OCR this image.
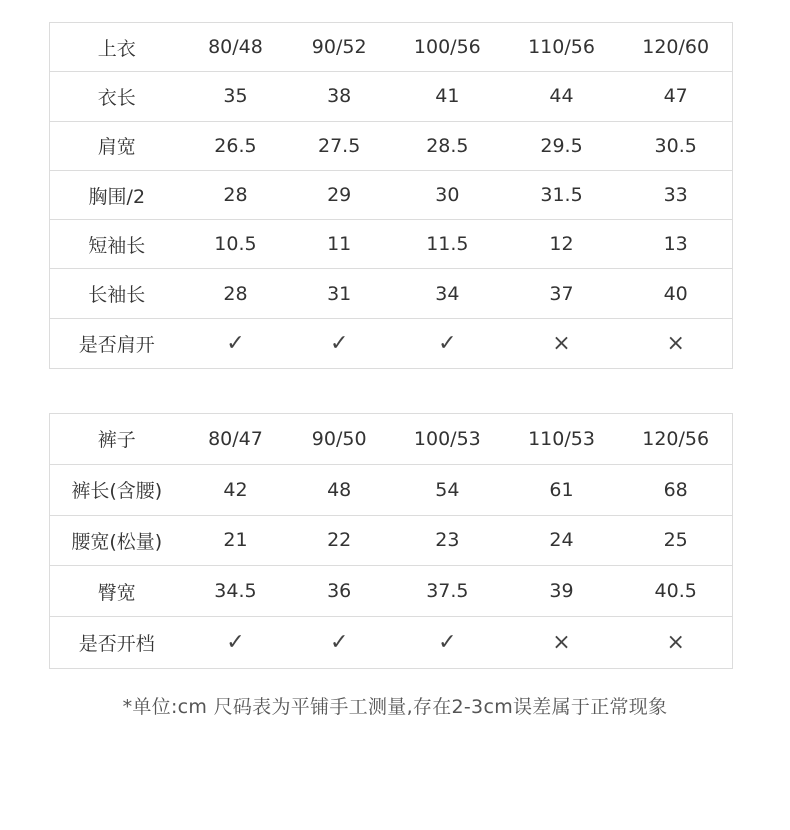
上衣	80/48	90/52	100/56	110/56	120/60
衣长	35	38	41	44	47
肩宽	26.5	27.5	28.5	29.5	30.5
胸围/2	28	29	30	31.5	33
短袖长	10.5	11	11.5	12	13
长袖长	28	31	34	37	40
是否肩开	✓	✓	✓	×	×
裤子	80/47	90/50	100/53	110/53	120/56
裤长(含腰)	42	48	54	61	68
腰宽(松量)	21	22	23	24	25
臀宽	34.5	36	37.5	39	40.5
是否开档	✓	✓	✓	×	×
*单位:cm 尺码表为平铺手工测量,存在2-3cm误差属于正常现象
